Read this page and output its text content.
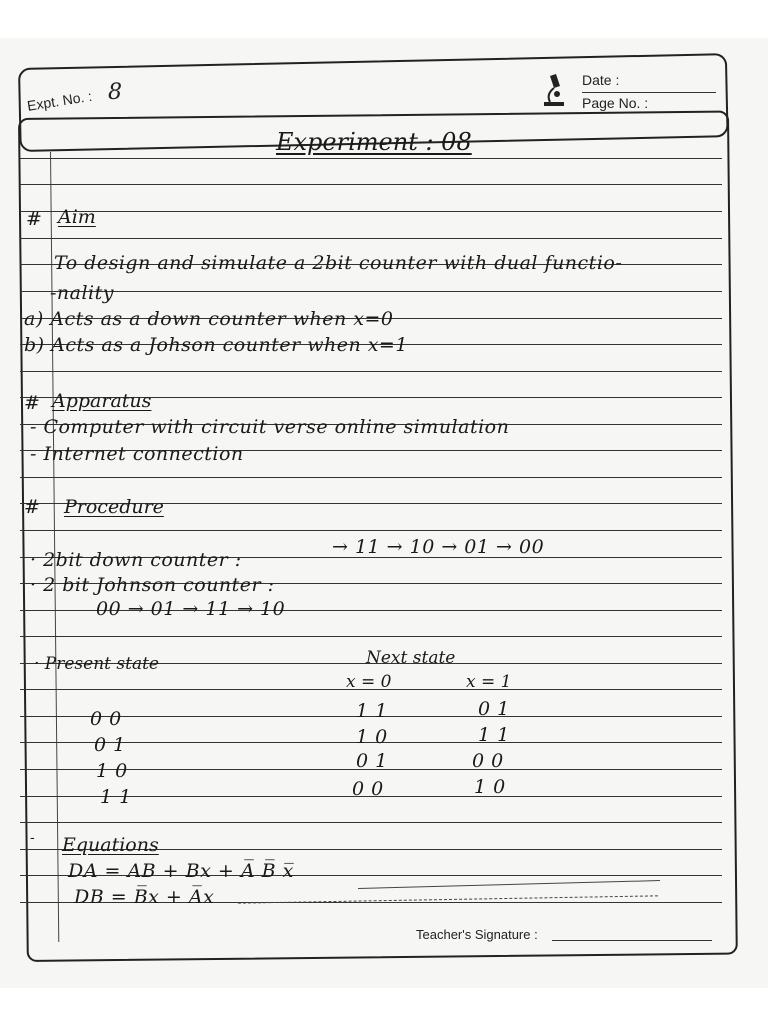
Expt. No. : 8	Date :
Page No. :
Experiment : 08
# Aim
To design and simulate a 2bit counter with dual functio-
-nality
a) Acts as a down counter when x=0
b) Acts as a Johson counter when x=1
# Apparatus
- Computer with circuit verse online simulation
- Internet connection
# Procedure
· 2bit down counter :
→ 11 → 10 → 01 → 00
· 2 bit Johnson counter :
00 → 01 → 11 → 10
· Present state	Next state
x = 0	x = 1
0 0	1 1	0 1
0 1	1 0	1 1
1 0	0 1	0 0
1 1	0 0	1 0
- Equations
DA = AB + Bx + A̅ B̅ x̅
DB = B̅x + A̅x
Teacher's Signature :
